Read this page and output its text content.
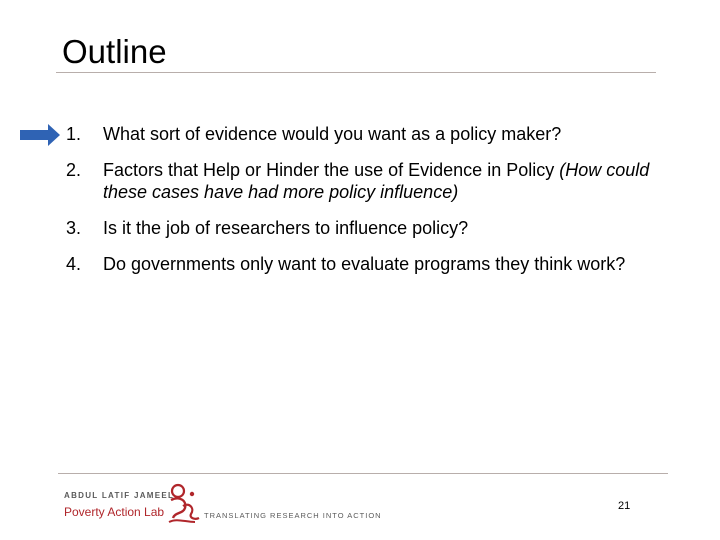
Outline
1. What sort of evidence would you want as a policy maker?
2. Factors that Help or Hinder the use of Evidence in Policy (How could these cases have had more policy influence)
3. Is it the job of researchers to influence policy?
4. Do governments only want to evaluate programs they think work?
ABDUL LATIF JAMEEL
Poverty Action Lab	TRANSLATING RESEARCH INTO ACTION
21
